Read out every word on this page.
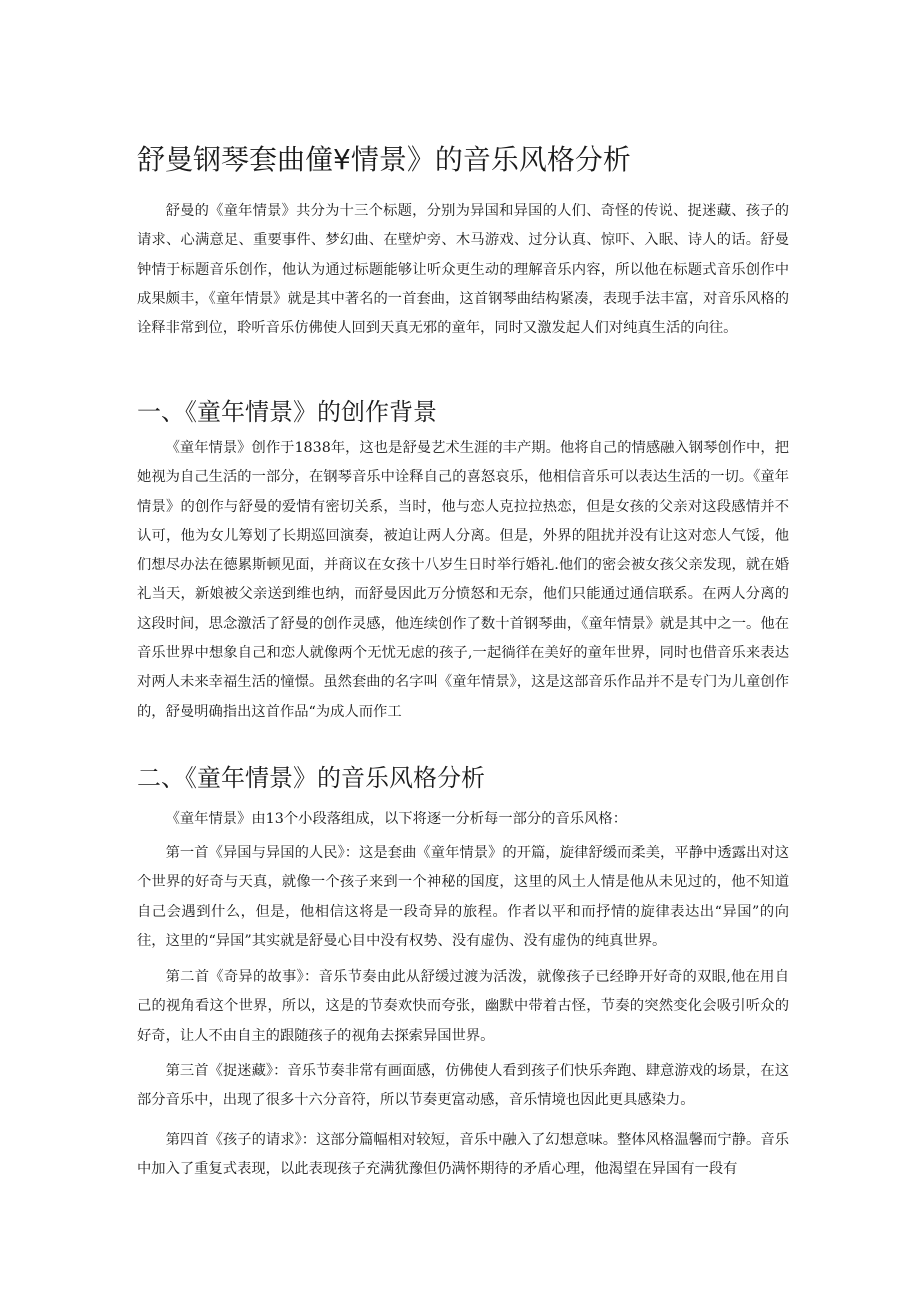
舒曼钢琴套曲僮¥情景》的音乐风格分析

舒曼的《童年情景》共分为十三个标题，分别为异国和异国的人们、奇怪的传说、捉迷藏、孩子的请求、心满意足、重要事件、梦幻曲、在壁炉旁、木马游戏、过分认真、惊吓、入眠、诗人的话。舒曼钟情于标题音乐创作，他认为通过标题能够让听众更生动的理解音乐内容，所以他在标题式音乐创作中成果颇丰，《童年情景》就是其中著名的一首套曲，这首钢琴曲结构紧凑，表现手法丰富，对音乐风格的诠释非常到位，聆听音乐仿佛使人回到天真无邪的童年，同时又激发起人们对纯真生活的向往。

一、《童年情景》的创作背景

《童年情景》创作于1838年，这也是舒曼艺术生涯的丰产期。他将自己的情感融入钢琴创作中，把她视为自己生活的一部分，在钢琴音乐中诠释自己的喜怒哀乐，他相信音乐可以表达生活的一切。《童年情景》的创作与舒曼的爱情有密切关系，当时，他与恋人克拉拉热恋，但是女孩的父亲对这段感情并不认可，他为女儿筹划了长期巡回演奏，被迫让两人分离。但是，外界的阻扰并没有让这对恋人气馁，他们想尽办法在德累斯顿见面，并商议在女孩十八岁生日时举行婚礼.他们的密会被女孩父亲发现，就在婚礼当天，新娘被父亲送到维也纳，而舒曼因此万分愤怒和无奈，他们只能通过通信联系。在两人分离的这段时间，思念激活了舒曼的创作灵感，他连续创作了数十首钢琴曲，《童年情景》就是其中之一。他在音乐世界中想象自己和恋人就像两个无忧无虑的孩子,一起徜徉在美好的童年世界，同时也借音乐来表达对两人未来幸福生活的憧憬。虽然套曲的名字叫《童年情景》，这是这部音乐作品并不是专门为儿童创作的，舒曼明确指出这首作品“为成人而作工

二、《童年情景》的音乐风格分析

《童年情景》由13个小段落组成，以下将逐一分析每一部分的音乐风格：

第一首《异国与异国的人民》：这是套曲《童年情景》的开篇，旋律舒缓而柔美，平静中透露出对这个世界的好奇与天真，就像一个孩子来到一个神秘的国度，这里的风土人情是他从未见过的，他不知道自己会遇到什么，但是，他相信这将是一段奇异的旅程。作者以平和而抒情的旋律表达出“异国”的向往，这里的“异国”其实就是舒曼心目中没有权势、没有虚伪、没有虚伪的纯真世界。

第二首《奇异的故事》：音乐节奏由此从舒缓过渡为活泼，就像孩子已经睁开好奇的双眼,他在用自己的视角看这个世界，所以，这是的节奏欢快而夸张，幽默中带着古怪，节奏的突然变化会吸引听众的好奇，让人不由自主的跟随孩子的视角去探索异国世界。

第三首《捉迷藏》：音乐节奏非常有画面感，仿佛使人看到孩子们快乐奔跑、肆意游戏的场景，在这部分音乐中，出现了很多十六分音符，所以节奏更富动感，音乐情境也因此更具感染力。

第四首《孩子的请求》：这部分篇幅相对较短，音乐中融入了幻想意味。整体风格温馨而宁静。音乐中加入了重复式表现，以此表现孩子充满犹豫但仍满怀期待的矛盾心理，他渴望在异国有一段有
